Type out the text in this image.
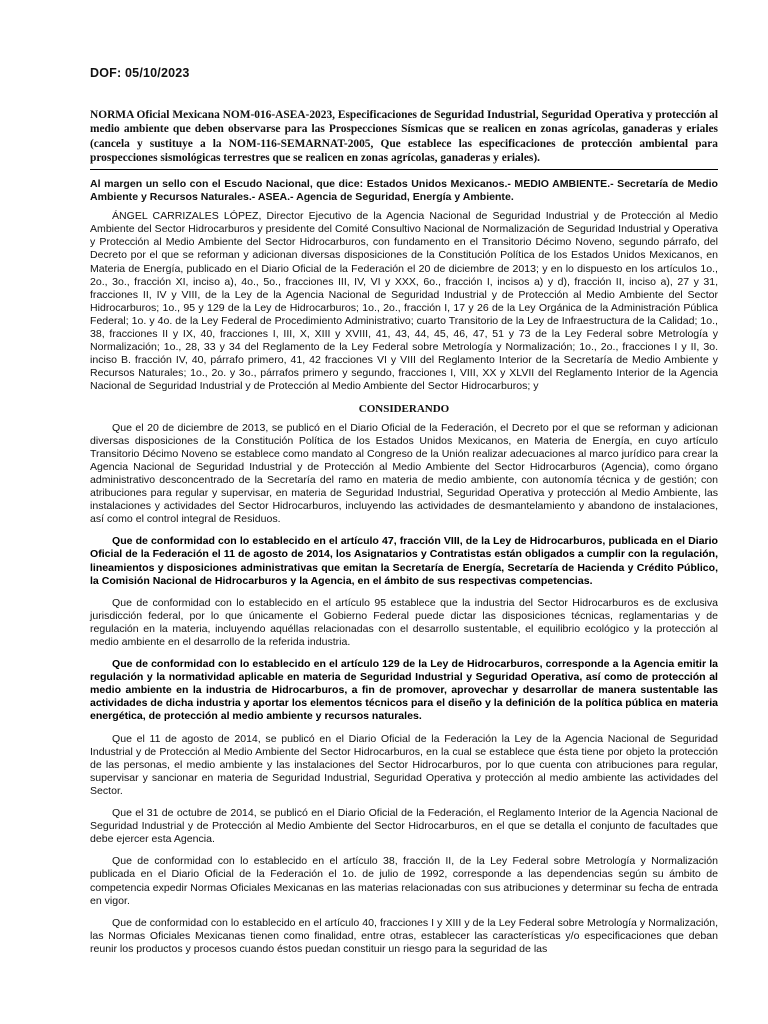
DOF: 05/10/2023
NORMA Oficial Mexicana NOM-016-ASEA-2023, Especificaciones de Seguridad Industrial, Seguridad Operativa y protección al medio ambiente que deben observarse para las Prospecciones Sísmicas que se realicen en zonas agrícolas, ganaderas y eriales (cancela y sustituye a la NOM-116-SEMARNAT-2005, Que establece las especificaciones de protección ambiental para prospecciones sismológicas terrestres que se realicen en zonas agrícolas, ganaderas y eriales).

Al margen un sello con el Escudo Nacional, que dice: Estados Unidos Mexicanos.- MEDIO AMBIENTE.- Secretaría de Medio Ambiente y Recursos Naturales.- ASEA.- Agencia de Seguridad, Energía y Ambiente.

ÁNGEL CARRIZALES LÓPEZ, Director Ejecutivo de la Agencia Nacional de Seguridad Industrial y de Protección al Medio Ambiente del Sector Hidrocarburos y presidente del Comité Consultivo Nacional de Normalización de Seguridad Industrial y Operativa y Protección al Medio Ambiente del Sector Hidrocarburos, con fundamento en el Transitorio Décimo Noveno, segundo párrafo, del Decreto por el que se reforman y adicionan diversas disposiciones de la Constitución Política de los Estados Unidos Mexicanos, en Materia de Energía, publicado en el Diario Oficial de la Federación el 20 de diciembre de 2013; y en lo dispuesto en los artículos 1o., 2o., 3o., fracción XI, inciso a), 4o., 5o., fracciones III, IV, VI y XXX, 6o., fracción I, incisos a) y d), fracción II, inciso a), 27 y 31, fracciones II, IV y VIII, de la Ley de la Agencia Nacional de Seguridad Industrial y de Protección al Medio Ambiente del Sector Hidrocarburos; 1o., 95 y 129 de la Ley de Hidrocarburos; 1o., 2o., fracción I, 17 y 26 de la Ley Orgánica de la Administración Pública Federal; 1o. y 4o. de la Ley Federal de Procedimiento Administrativo; cuarto Transitorio de la Ley de Infraestructura de la Calidad; 1o., 38, fracciones II y IX, 40, fracciones I, III, X, XIII y XVIII, 41, 43, 44, 45, 46, 47, 51 y 73 de la Ley Federal sobre Metrología y Normalización; 1o., 28, 33 y 34 del Reglamento de la Ley Federal sobre Metrología y Normalización; 1o., 2o., fracciones I y II, 3o. inciso B. fracción IV, 40, párrafo primero, 41, 42 fracciones VI y VIII del Reglamento Interior de la Secretaría de Medio Ambiente y Recursos Naturales; 1o., 2o. y 3o., párrafos primero y segundo, fracciones I, VIII, XX y XLVII del Reglamento Interior de la Agencia Nacional de Seguridad Industrial y de Protección al Medio Ambiente del Sector Hidrocarburos; y

CONSIDERANDO

Que el 20 de diciembre de 2013, se publicó en el Diario Oficial de la Federación, el Decreto por el que se reforman y adicionan diversas disposiciones de la Constitución Política de los Estados Unidos Mexicanos, en Materia de Energía, en cuyo artículo Transitorio Décimo Noveno se establece como mandato al Congreso de la Unión realizar adecuaciones al marco jurídico para crear la Agencia Nacional de Seguridad Industrial y de Protección al Medio Ambiente del Sector Hidrocarburos (Agencia), como órgano administrativo desconcentrado de la Secretaría del ramo en materia de medio ambiente, con autonomía técnica y de gestión; con atribuciones para regular y supervisar, en materia de Seguridad Industrial, Seguridad Operativa y protección al Medio Ambiente, las instalaciones y actividades del Sector Hidrocarburos, incluyendo las actividades de desmantelamiento y abandono de instalaciones, así como el control integral de Residuos.

Que de conformidad con lo establecido en el artículo 47, fracción VIII, de la Ley de Hidrocarburos, publicada en el Diario Oficial de la Federación el 11 de agosto de 2014, los Asignatarios y Contratistas están obligados a cumplir con la regulación, lineamientos y disposiciones administrativas que emitan la Secretaría de Energía, Secretaría de Hacienda y Crédito Público, la Comisión Nacional de Hidrocarburos y la Agencia, en el ámbito de sus respectivas competencias.

Que de conformidad con lo establecido en el artículo 95 establece que la industria del Sector Hidrocarburos es de exclusiva jurisdicción federal, por lo que únicamente el Gobierno Federal puede dictar las disposiciones técnicas, reglamentarias y de regulación en la materia, incluyendo aquéllas relacionadas con el desarrollo sustentable, el equilibrio ecológico y la protección al medio ambiente en el desarrollo de la referida industria.

Que de conformidad con lo establecido en el artículo 129 de la Ley de Hidrocarburos, corresponde a la Agencia emitir la regulación y la normatividad aplicable en materia de Seguridad Industrial y Seguridad Operativa, así como de protección al medio ambiente en la industria de Hidrocarburos, a fin de promover, aprovechar y desarrollar de manera sustentable las actividades de dicha industria y aportar los elementos técnicos para el diseño y la definición de la política pública en materia energética, de protección al medio ambiente y recursos naturales.

Que el 11 de agosto de 2014, se publicó en el Diario Oficial de la Federación la Ley de la Agencia Nacional de Seguridad Industrial y de Protección al Medio Ambiente del Sector Hidrocarburos, en la cual se establece que ésta tiene por objeto la protección de las personas, el medio ambiente y las instalaciones del Sector Hidrocarburos, por lo que cuenta con atribuciones para regular, supervisar y sancionar en materia de Seguridad Industrial, Seguridad Operativa y protección al medio ambiente las actividades del Sector.

Que el 31 de octubre de 2014, se publicó en el Diario Oficial de la Federación, el Reglamento Interior de la Agencia Nacional de Seguridad Industrial y de Protección al Medio Ambiente del Sector Hidrocarburos, en el que se detalla el conjunto de facultades que debe ejercer esta Agencia.

Que de conformidad con lo establecido en el artículo 38, fracción II, de la Ley Federal sobre Metrología y Normalización publicada en el Diario Oficial de la Federación el 1o. de julio de 1992, corresponde a las dependencias según su ámbito de competencia expedir Normas Oficiales Mexicanas en las materias relacionadas con sus atribuciones y determinar su fecha de entrada en vigor.

Que de conformidad con lo establecido en el artículo 40, fracciones I y XIII y de la Ley Federal sobre Metrología y Normalización, las Normas Oficiales Mexicanas tienen como finalidad, entre otras, establecer las características y/o especificaciones que deban reunir los productos y procesos cuando éstos puedan constituir un riesgo para la seguridad de las
